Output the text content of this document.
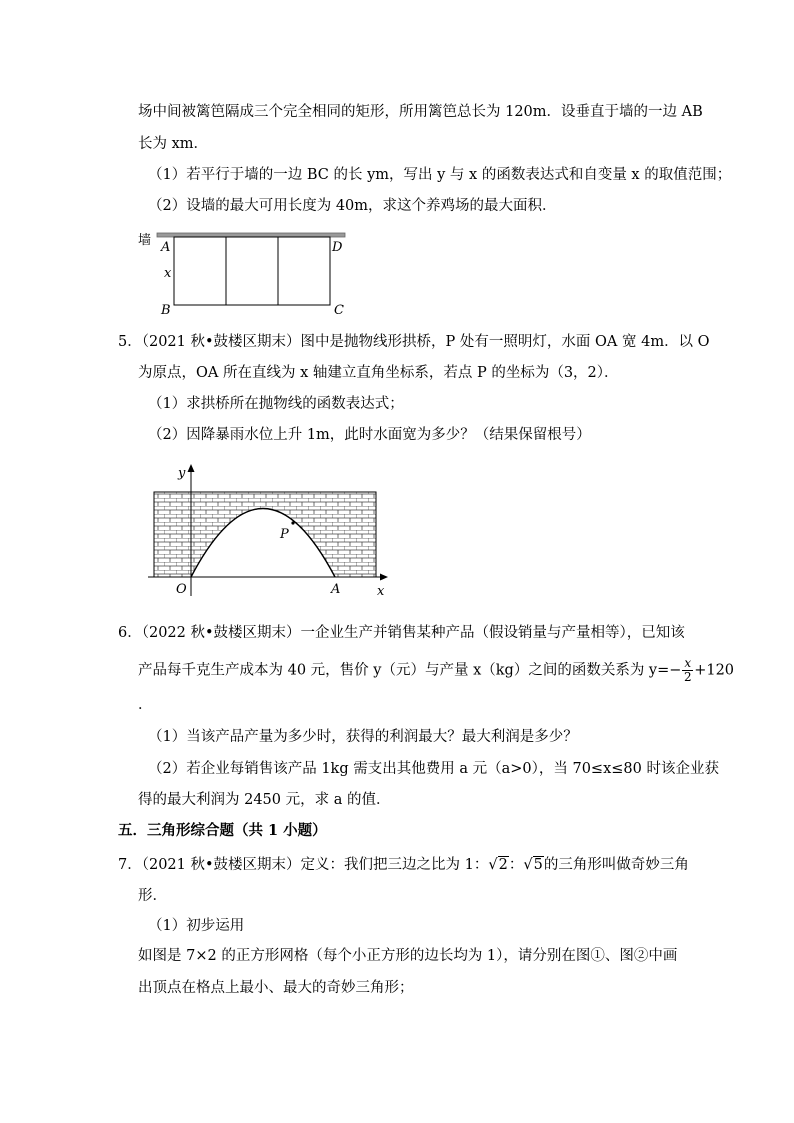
场中间被篱笆隔成三个完全相同的矩形，所用篱笆总长为 120m．设垂直于墙的一边 AB
长为 xm．
（1）若平行于墙的一边 BC 的长 ym，写出 y 与 x 的函数表达式和自变量 x 的取值范围；
（2）设墙的最大可用长度为 40m，求这个养鸡场的最大面积．
墙 A	D
x
B	C
5．（2021 秋•鼓楼区期末）图中是抛物线形拱桥，P 处有一照明灯，水面 OA 宽 4m．以 O
为原点，OA 所在直线为 x 轴建立直角坐标系，若点 P 的坐标为（3，2）．
（1）求拱桥所在抛物线的函数表达式；
（2）因降暴雨水位上升 1m，此时水面宽为多少？（结果保留根号）
y
P
O	A	x
6．（2022 秋•鼓楼区期末）一企业生产并销售某种产品（假设销量与产量相等），已知该
产品每千克生产成本为 40 元，售价 y（元）与产量 x（kg）之间的函数关系为 $y=- \frac{x}{2} +120$
．
（1）当该产品产量为多少时，获得的利润最大？最大利润是多少？
（2）若企业每销售该产品 1kg 需支出其他费用 a 元（a>0），当 70≤x≤80 时该企业获
得的最大利润为 2450 元，求 a 的值．
五．三角形综合题（共 1 小题）
7．（2021 秋•鼓楼区期末）定义：我们把三边之比为 1：√2：√5的三角形叫做奇妙三角
形．
（1）初步运用
如图是 7×2 的正方形网格（每个小正方形的边长均为 1），请分别在图①、图②中画
出顶点在格点上最小、最大的奇妙三角形；
